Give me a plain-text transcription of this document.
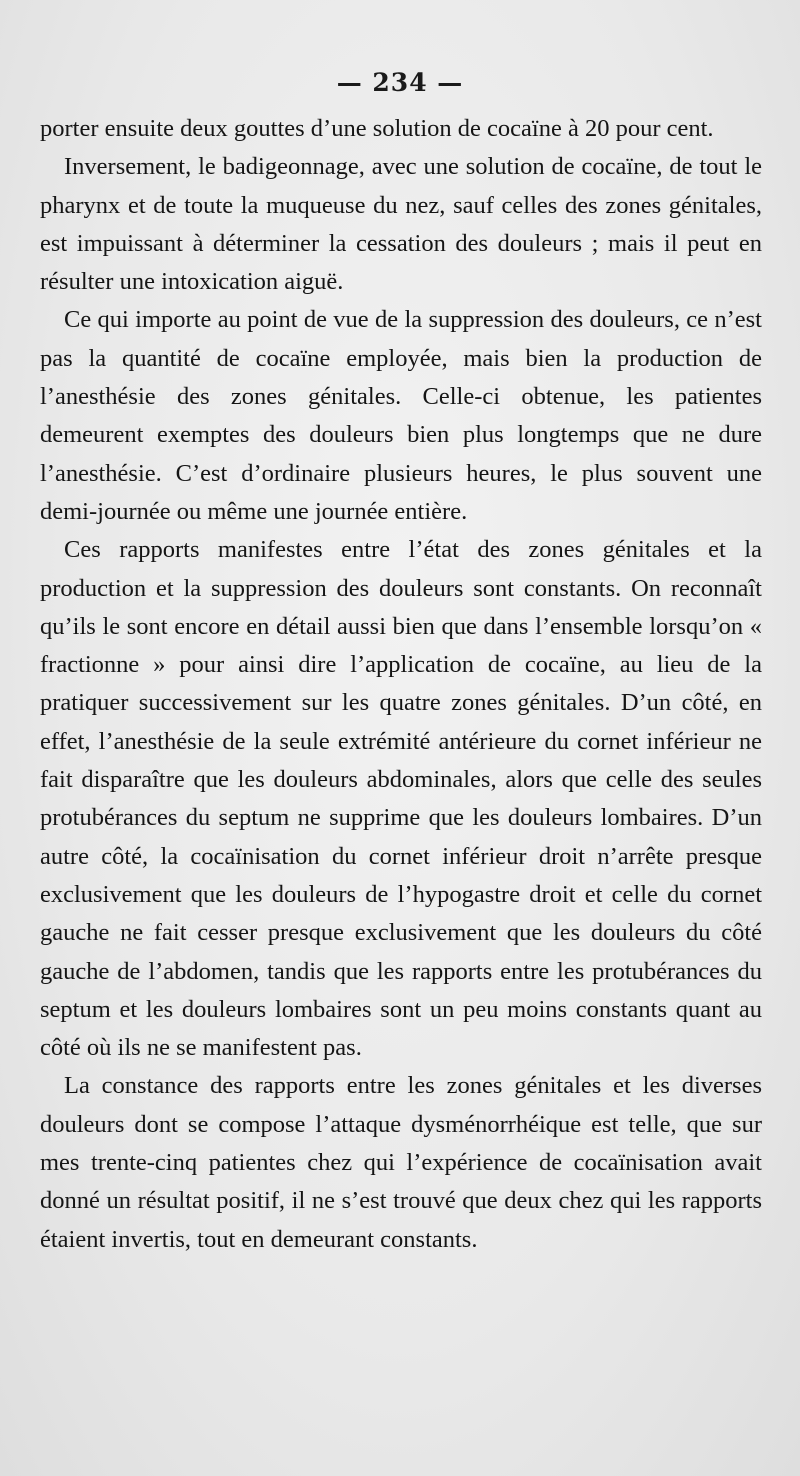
— 234 —

porter ensuite deux gouttes d’une solution de cocaïne à 20 pour cent.

Inversement, le badigeonnage, avec une solution de cocaïne, de tout le pharynx et de toute la muqueuse du nez, sauf celles des zones génitales, est impuissant à déterminer la cessation des douleurs ; mais il peut en résulter une intoxication aiguë.

Ce qui importe au point de vue de la suppression des douleurs, ce n’est pas la quantité de cocaïne employée, mais bien la production de l’anesthésie des zones génitales. Celle-ci obtenue, les patientes demeurent exemptes des douleurs bien plus longtemps que ne dure l’anesthésie. C’est d’ordinaire plusieurs heures, le plus souvent une demi-journée ou même une journée entière.

Ces rapports manifestes entre l’état des zones génitales et la production et la suppression des douleurs sont constants. On reconnaît qu’ils le sont encore en détail aussi bien que dans l’ensemble lorsqu’on « fractionne » pour ainsi dire l’application de cocaïne, au lieu de la pratiquer successivement sur les quatre zones génitales. D’un côté, en effet, l’anesthésie de la seule extrémité antérieure du cornet inférieur ne fait disparaître que les douleurs abdominales, alors que celle des seules protubérances du septum ne supprime que les douleurs lombaires. D’un autre côté, la cocaïnisation du cornet inférieur droit n’arrête presque exclusivement que les douleurs de l’hypogastre droit et celle du cornet gauche ne fait cesser presque exclusivement que les douleurs du côté gauche de l’abdomen, tandis que les rapports entre les protubérances du septum et les douleurs lombaires sont un peu moins constants quant au côté où ils ne se manifestent pas.

La constance des rapports entre les zones génitales et les diverses douleurs dont se compose l’attaque dysménorrhéique est telle, que sur mes trente-cinq patientes chez qui l’expérience de cocaïnisation avait donné un résultat positif, il ne s’est trouvé que deux chez qui les rapports étaient invertis, tout en demeurant constants.
